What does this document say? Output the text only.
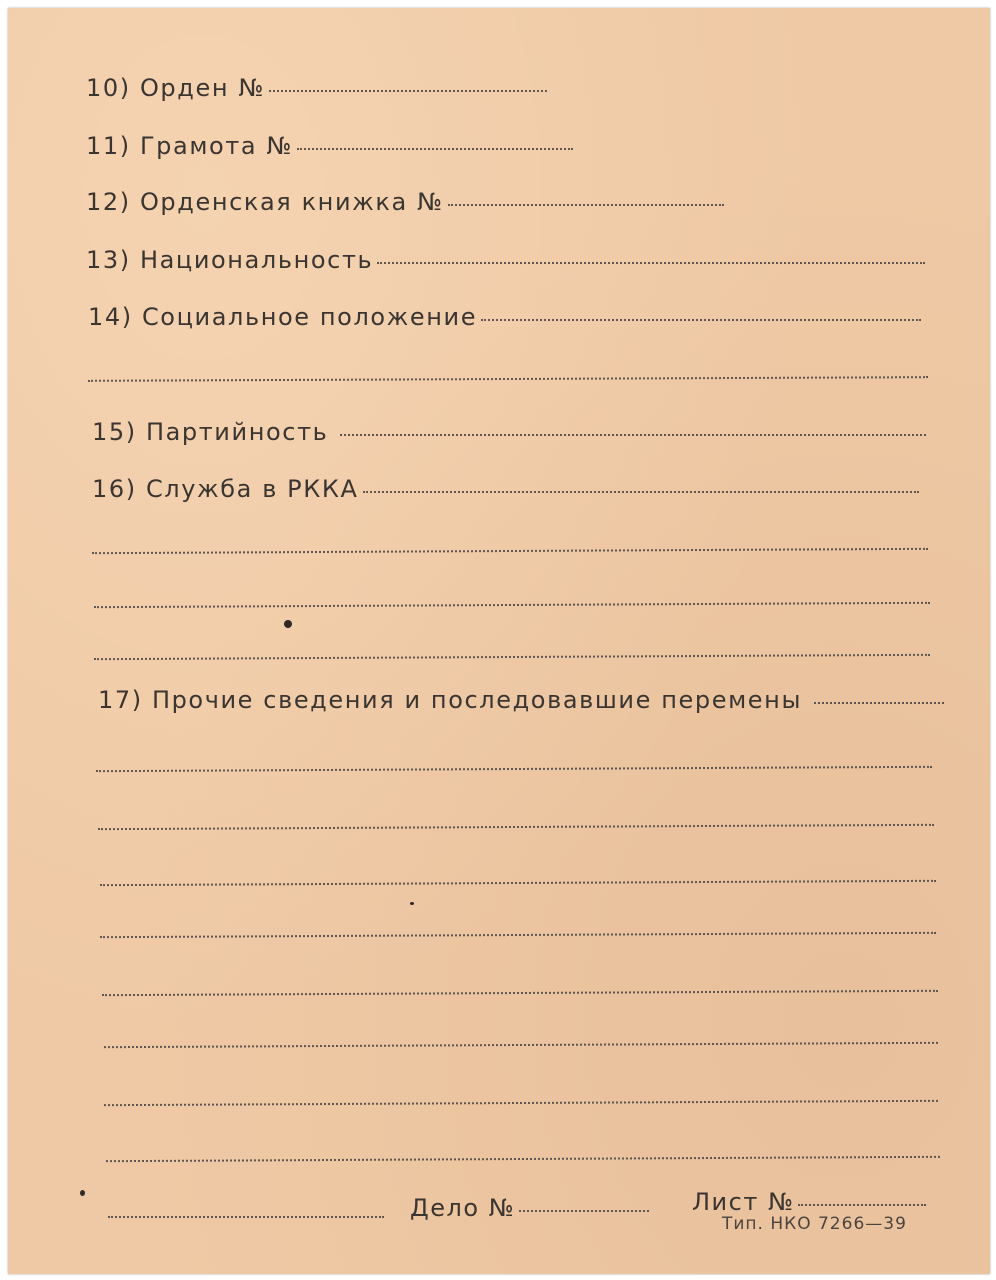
10)
Орден №
11)
Грамота №
12)
Орденская книжка №
13)
Национальность
14)
Социальное положение
15)
Партийность
16)
Служба в РККА
17)
Прочие сведения и последовавшие перемены
Дело №	Лист №
Тип. НКО 7266—39
